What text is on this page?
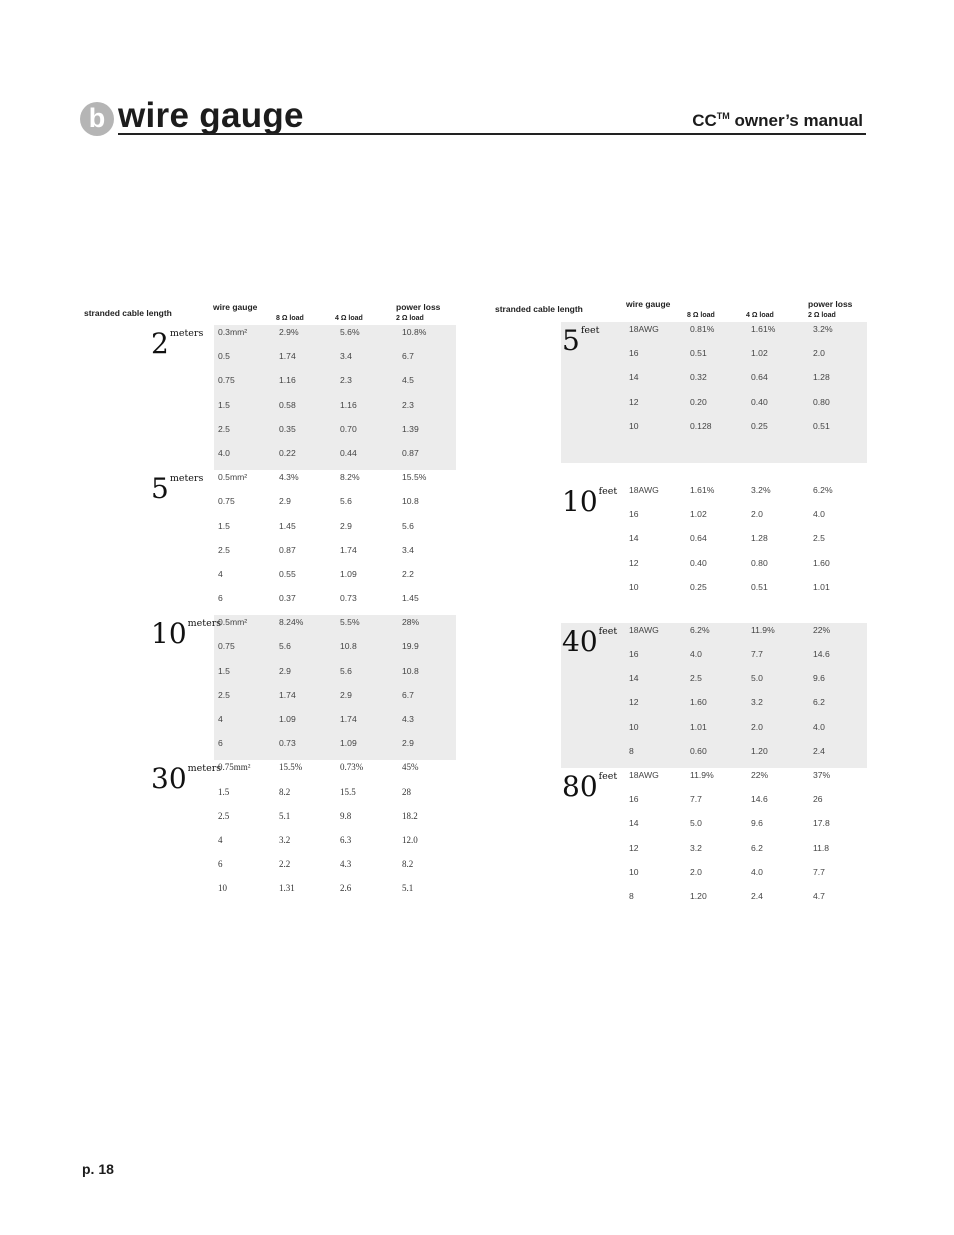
b wire gauge	CC™ owner’s manual
stranded cable length
wire gauge	power loss
8 Ω load	4 Ω load	2 Ω load
$2^{meters}$	0.3mm²	2.9%	5.6%	10.8%
0.5	1.74	3.4	6.7
0.75	1.16	2.3	4.5
1.5	0.58	1.16	2.3
2.5	0.35	0.70	1.39
4.0	0.22	0.44	0.87
$5^{meters}$	0.5mm²	4.3%	8.2%	15.5%
0.75	2.9	5.6	10.8
1.5	1.45	2.9	5.6
2.5	0.87	1.74	3.4
4	0.55	1.09	2.2
6	0.37	0.73	1.45
$10^{meters}$
0.5mm²	8.24%	5.5%	28%
0.75	5.6	10.8	19.9
1.5	2.9	5.6	10.8
2.5	1.74	2.9	6.7
4	1.09	1.74	4.3
6	0.73	1.09	2.9
$30^{meters}$
0.75mm²	15.5%	0.73%	45%
1.5	8.2	15.5	28
2.5	5.1	9.8	18.2
4	3.2	6.3	12.0
6	2.2	4.3	8.2
10	1.31	2.6	5.1
stranded cable length	wire gauge	power loss
8 Ω load	4 Ω load	2 Ω load
$5^{feet}$	18AWG	0.81%	1.61%	3.2%
16	0.51	1.02	2.0
14	0.32	0.64	1.28
12	0.20	0.40	0.80
10	0.128	0.25	0.51
$10^{feet}$	18AWG	1.61%	3.2%	6.2%
16	1.02	2.0	4.0
14	0.64	1.28	2.5
12	0.40	0.80	1.60
10	0.25	0.51	1.01
$40^{feet}$	18AWG	6.2%	11.9%	22%
16	4.0	7.7	14.6
14	2.5	5.0	9.6
12	1.60	3.2	6.2
10	1.01	2.0	4.0
8	0.60	1.20	2.4
$80^{feet}$	18AWG	11.9%	22%	37%
16	7.7	14.6	26
14	5.0	9.6	17.8
12	3.2	6.2	11.8
10	2.0	4.0	7.7
8	1.20	2.4	4.7
p. 18
